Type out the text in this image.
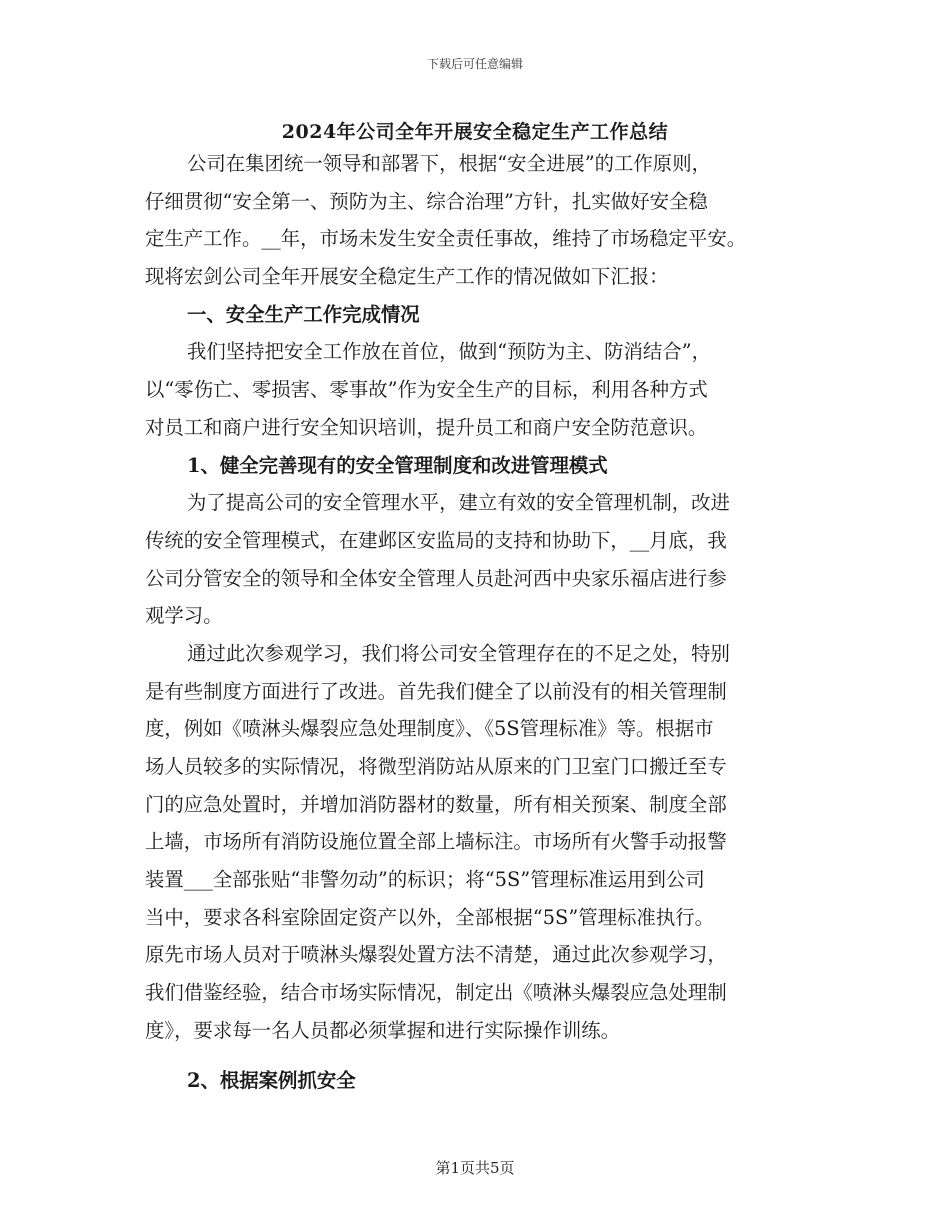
下载后可任意编辑
2024年公司全年开展安全稳定生产工作总结
公司在集团统一领导和部署下，根据“安全进展”的工作原则，
仔细贯彻“安全第一、预防为主、综合治理”方针，扎实做好安全稳
定生产工作。__年，市场未发生安全责任事故，维持了市场稳定平安。
现将宏剑公司全年开展安全稳定生产工作的情况做如下汇报：
一、安全生产工作完成情况
我们坚持把安全工作放在首位，做到“预防为主、防消结合”，
以“零伤亡、零损害、零事故”作为安全生产的目标，利用各种方式
对员工和商户进行安全知识培训，提升员工和商户安全防范意识。
1、健全完善现有的安全管理制度和改进管理模式
为了提高公司的安全管理水平，建立有效的安全管理机制，改进
传统的安全管理模式，在建邺区安监局的支持和协助下，__月底，我
公司分管安全的领导和全体安全管理人员赴河西中央家乐福店进行参
观学习。
通过此次参观学习，我们将公司安全管理存在的不足之处，特别
是有些制度方面进行了改进。首先我们健全了以前没有的相关管理制
度，例如《喷淋头爆裂应急处理制度》、《5S管理标准》等。根据市
场人员较多的实际情况，将微型消防站从原来的门卫室门口搬迁至专
门的应急处置时，并增加消防器材的数量，所有相关预案、制度全部
上墙，市场所有消防设施位置全部上墙标注。市场所有火警手动报警
装置___全部张贴“非警勿动”的标识；将“5S”管理标准运用到公司
当中，要求各科室除固定资产以外，全部根据“5S”管理标准执行。
原先市场人员对于喷淋头爆裂处置方法不清楚，通过此次参观学习，
我们借鉴经验，结合市场实际情况，制定出《喷淋头爆裂应急处理制
度》，要求每一名人员都必须掌握和进行实际操作训练。
2、根据案例抓安全
第1页共5页
